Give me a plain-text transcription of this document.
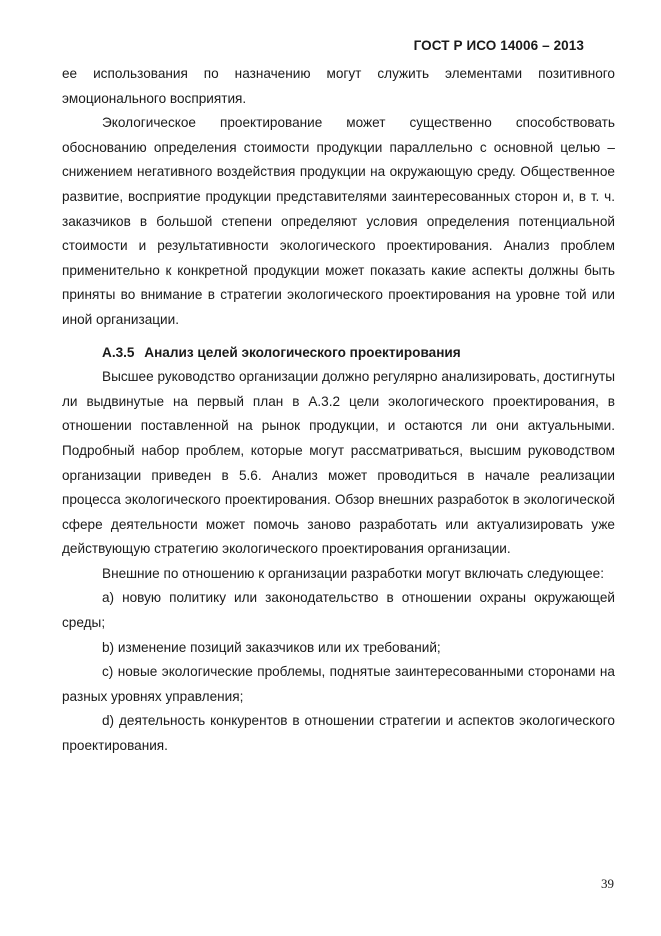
ГОСТ Р ИСО 14006 – 2013

ее использования по назначению могут служить элементами позитивного эмоционального восприятия.

Экологическое проектирование может существенно способствовать обоснованию определения стоимости продукции параллельно с основной целью – снижением негативного воздействия продукции на окружающую среду. Общественное развитие, восприятие продукции представителями заинтересованных сторон и, в т. ч. заказчиков в большой степени определяют условия определения потенциальной стоимости и результативности экологического проектирования. Анализ проблем применительно к конкретной продукции может показать какие аспекты должны быть приняты во внимание в стратегии экологического проектирования на уровне той или иной организации.

А.3.5 Анализ целей экологического проектирования

Высшее руководство организации должно регулярно анализировать, достигнуты ли выдвинутые на первый план в А.3.2 цели экологического проектирования, в отношении поставленной на рынок продукции, и остаются ли они актуальными. Подробный набор проблем, которые могут рассматриваться, высшим руководством организации приведен в 5.6. Анализ может проводиться в начале реализации процесса экологического проектирования. Обзор внешних разработок в экологической сфере деятельности может помочь заново разработать или актуализировать уже действующую стратегию экологического проектирования организации.

Внешние по отношению к организации разработки могут включать следующее:

a) новую политику или законодательство в отношении охраны окружающей среды;

b) изменение позиций заказчиков или их требований;

c) новые экологические проблемы, поднятые заинтересованными сторонами на разных уровнях управления;

d) деятельность конкурентов в отношении стратегии и аспектов экологического проектирования.

39
